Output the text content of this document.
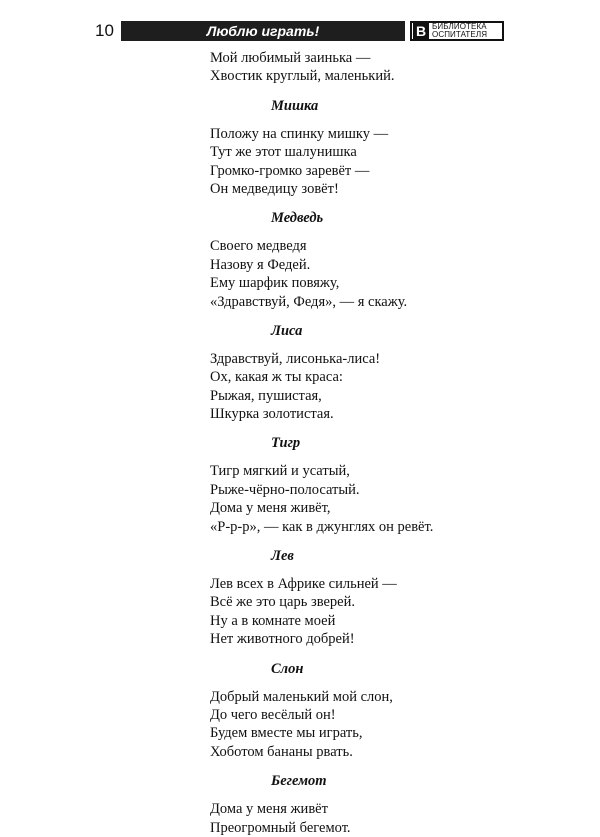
10	Люблю играть!	В БИБЛИОТЕКА
ОСПИТАТЕЛЯ
Мой любимый заинька —
Хвостик круглый, маленький.
Мишка
Положу на спинку мишку —
Тут же этот шалунишка
Громко-громко заревёт —
Он медведицу зовёт!
Медведь
Своего медведя
Назову я Федей.
Ему шарфик повяжу,
«Здравствуй, Федя», — я скажу.
Лиса
Здравствуй, лисонька-лиса!
Ох, какая ж ты краса:
Рыжая, пушистая,
Шкурка золотистая.
Тигр
Тигр мягкий и усатый,
Рыже-чёрно-полосатый.
Дома у меня живёт,
«Р-р-р», — как в джунглях он ревёт.
Лев
Лев всех в Африке сильней —
Всё же это царь зверей.
Ну а в комнате моей
Нет животного добрей!
Слон
Добрый маленький мой слон,
До чего весёлый он!
Будем вместе мы играть,
Хоботом бананы рвать.
Бегемот
Дома у меня живёт
Преогромный бегемот.
